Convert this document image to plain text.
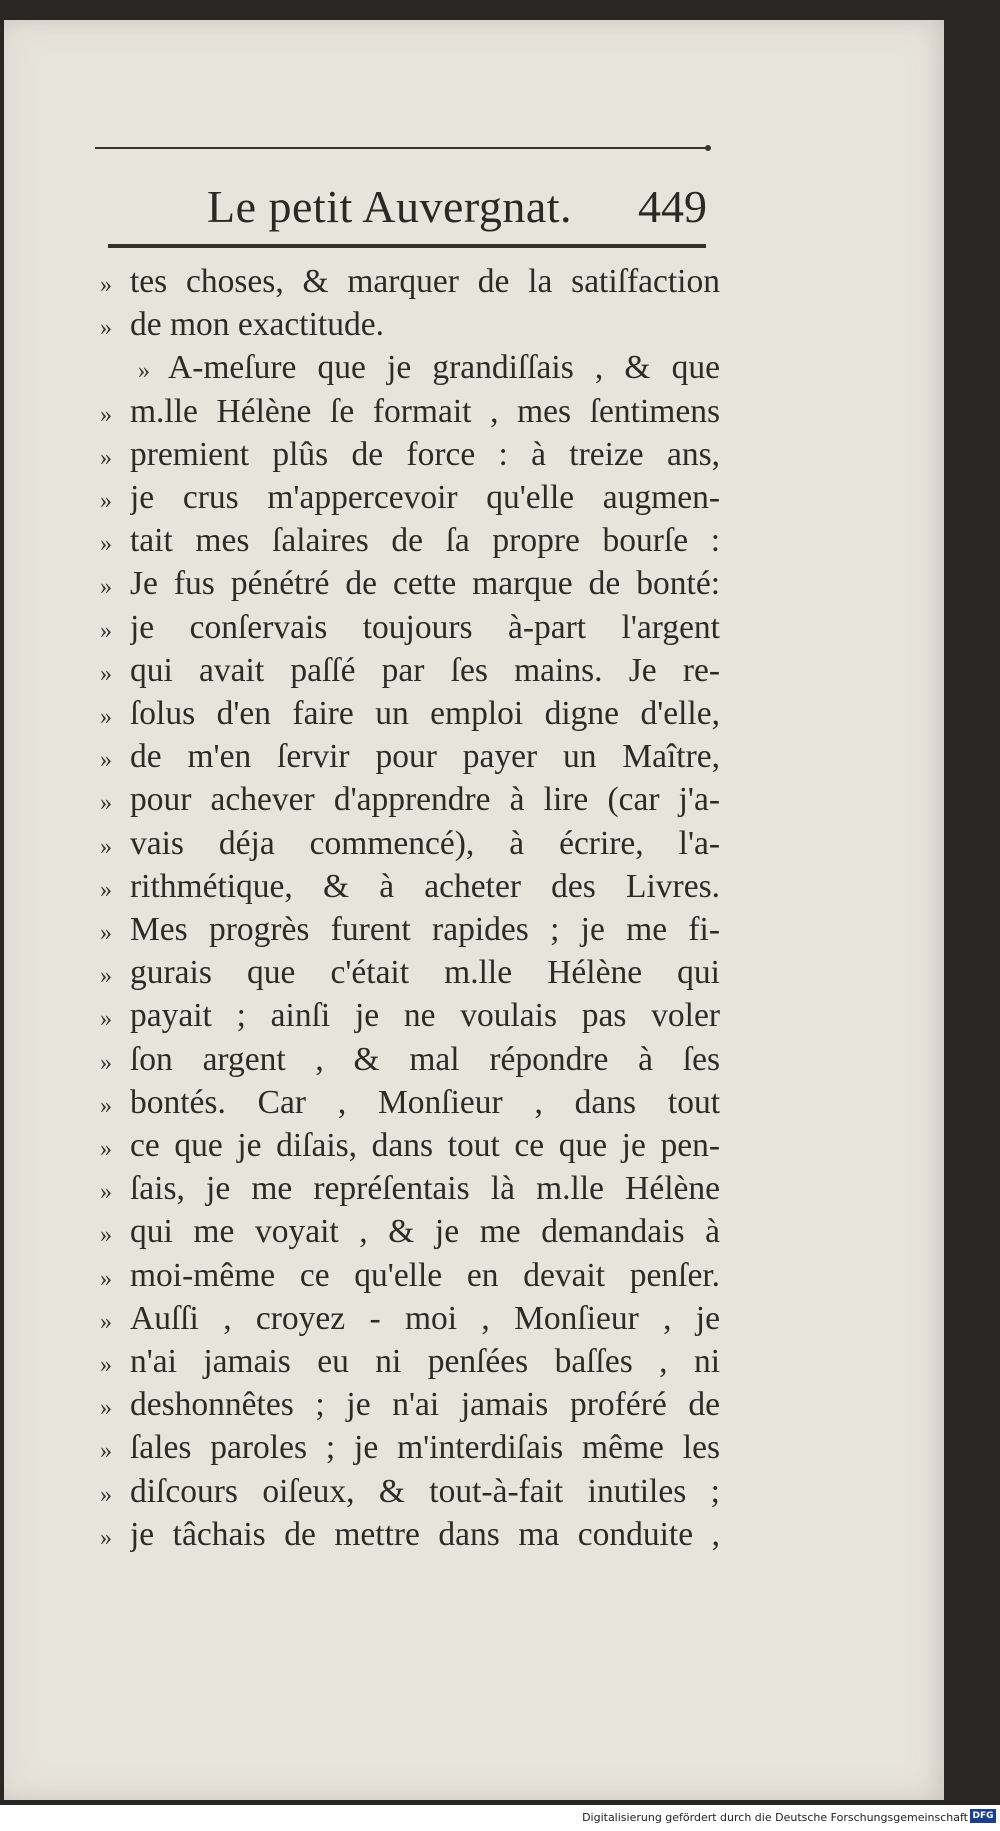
Le petit Auvergnat. 449
» tes choses, & marquer de la satiſfaction
» de mon exactitude.
» A-meſure que je grandiſſais , & que
» m.lle Hélène ſe formait , mes ſentimens
» premient plûs de force : à treize ans,
» je crus m'appercevoir qu'elle augmen-
» tait mes ſalaires de ſa propre bourſe :
» Je fus pénétré de cette marque de bonté:
» je conſervais toujours à-part l'argent
» qui avait paſſé par ſes mains. Je re-
» ſolus d'en faire un emploi digne d'elle,
» de m'en ſervir pour payer un Maître,
» pour achever d'apprendre à lire (car j'a-
» vais déja commencé), à écrire, l'a-
» rithmétique, & à acheter des Livres.
» Mes progrès furent rapides ; je me fi-
» gurais que c'était m.lle Hélène qui
» payait ; ainſi je ne voulais pas voler
» ſon argent , & mal répondre à ſes
» bontés. Car , Monſieur , dans tout
» ce que je diſais, dans tout ce que je pen-
» ſais, je me repréſentais là m.lle Hélène
» qui me voyait , & je me demandais à
» moi-même ce qu'elle en devait penſer.
» Auſſi , croyez - moi , Monſieur , je
» n'ai jamais eu ni penſées baſſes , ni
» deshonnêtes ; je n'ai jamais proféré de
» ſales paroles ; je m'interdiſais même les
» diſcours oiſeux, & tout-à-fait inutiles ;
» je tâchais de mettre dans ma conduite ,
Digitalisierung gefördert durch die Deutsche Forschungsgemeinschaft DFG
